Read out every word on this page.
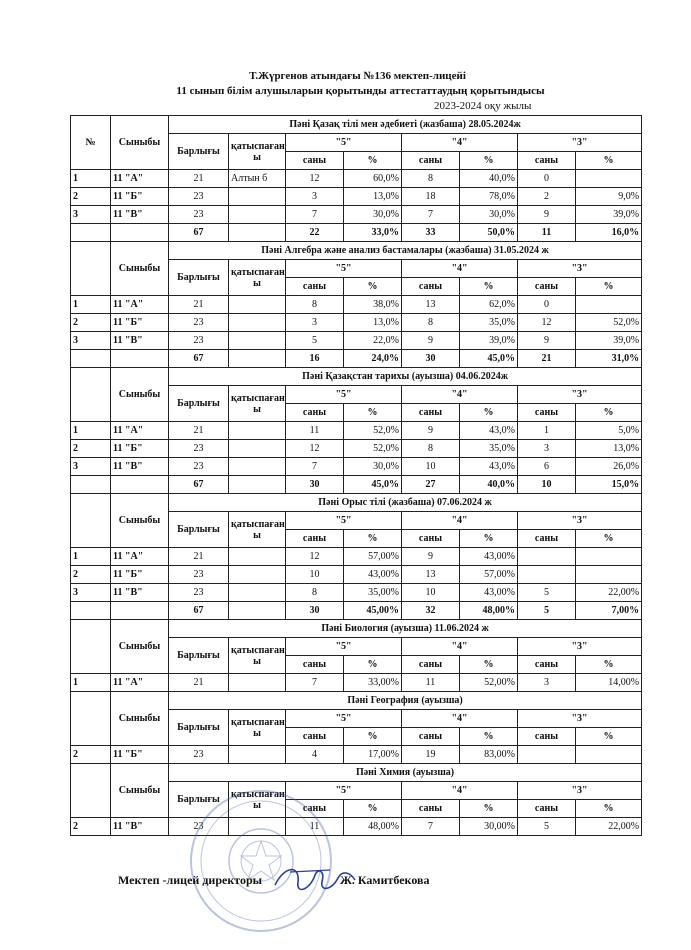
Т.Жүргенов атындағы №136 мектеп-лицейі
11 сынып білім алушыларын қорытынды аттестаттаудың қорытындысы
2023-2024 оқу жылы
№	Сыныбы	Пәні Қазақ тілі мен әдебиеті (жазбаша) 28.05.2024ж							
		Барлығы	қатыспаған ы	"5"		"4"		"3"	
				саны	%	саны	%	саны	%
1	11 "А"	21	Алтын б	12	60,0%	8	40,0%	0	
2	11 "Б"	23		3	13,0%	18	78,0%	2	9,0%
3	11 "В"	23		7	30,0%	7	30,0%	9	39,0%
		67		22	33,0%	33	50,0%	11	16,0%
	Сыныбы	Пәні Алгебра және анализ бастамалары (жазбаша) 31.05.2024 ж							
		Барлығы	қатыспаған ы	"5"		"4"		"3"	
				саны	%	саны	%	саны	%
1	11 "А"	21		8	38,0%	13	62,0%	0	
2	11 "Б"	23		3	13,0%	8	35,0%	12	52,0%
3	11 "В"	23		5	22,0%	9	39,0%	9	39,0%
		67		16	24,0%	30	45,0%	21	31,0%
	Сыныбы	Пәні Қазақстан тарихы (ауызша) 04.06.2024ж							
		Барлығы	қатыспаған ы	"5"		"4"		"3"	
				саны	%	саны	%	саны	%
1	11 "А"	21		11	52,0%	9	43,0%	1	5,0%
2	11 "Б"	23		12	52,0%	8	35,0%	3	13,0%
3	11 "В"	23		7	30,0%	10	43,0%	6	26,0%
		67		30	45,0%	27	40,0%	10	15,0%
	Сыныбы	Пәні Орыс тілі (жазбаша) 07.06.2024 ж							
		Барлығы	қатыспаған ы	"5"		"4"		"3"	
				саны	%	саны	%	саны	%
1	11 "А"	21		12	57,00%	9	43,00%		
2	11 "Б"	23		10	43,00%	13	57,00%		
3	11 "В"	23		8	35,00%	10	43,00%	5	22,00%
		67		30	45,00%	32	48,00%	5	7,00%
	Сыныбы	Пәні Биология (ауызша) 11.06.2024 ж							
		Барлығы	қатыспаған ы	"5"		"4"		"3"	
				саны	%	саны	%	саны	%
1	11 "А"	21		7	33,00%	11	52,00%	3	14,00%
	Сыныбы	Пәні География (ауызша)							
		Барлығы	қатыспаған ы	"5"		"4"		"3"	
				саны	%	саны	%	саны	%
2	11 "Б"	23		4	17,00%	19	83,00%		
	Сыныбы	Пәні Химия (ауызша)							
		Барлығы	қатыспаған ы	"5"		"4"		"3"	
				саны	%	саны	%	саны	%
2	11 "В"	23		11	48,00%	7	30,00%	5	22,00%
Мектеп -лицей директоры	Ж. Камитбекова
